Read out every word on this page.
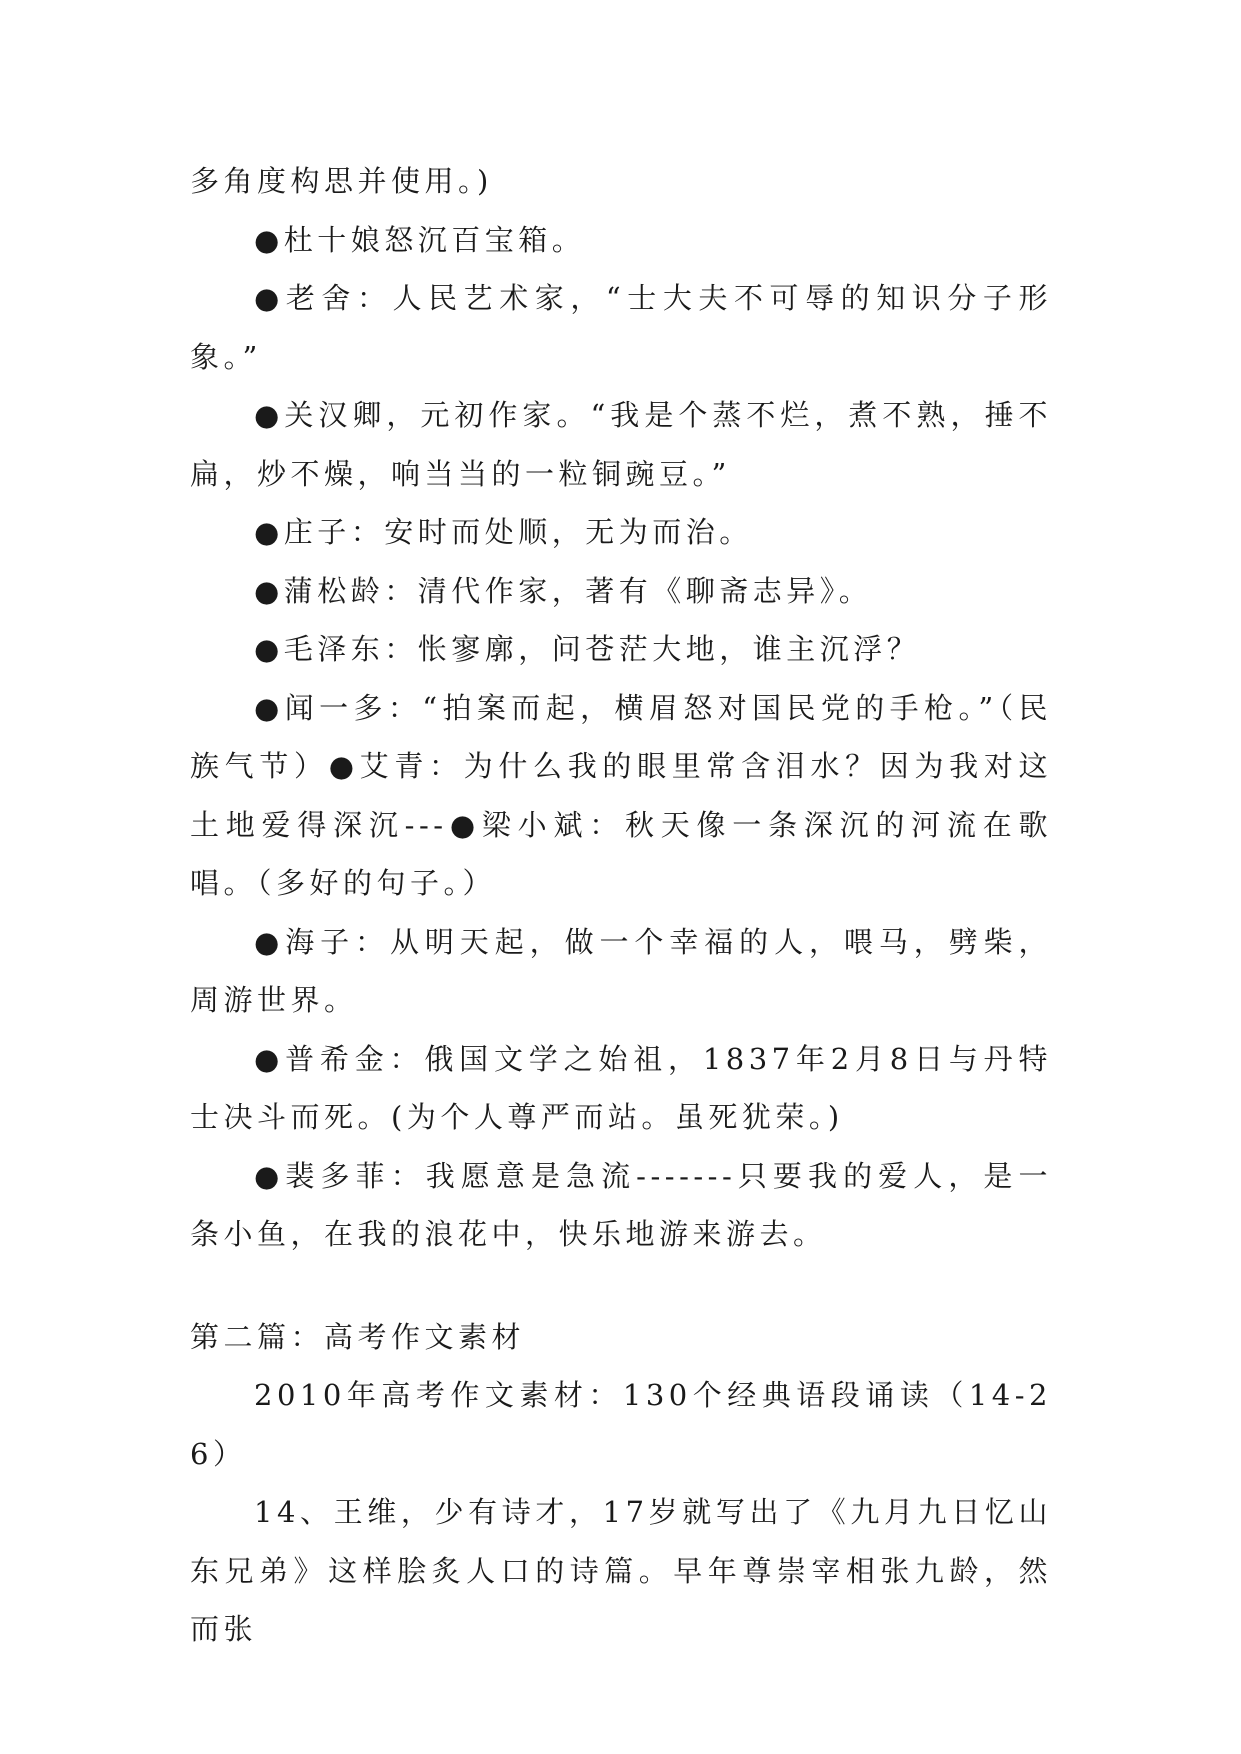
多角度构思并使用。)

●杜十娘怒沉百宝箱。

●老舍：人民艺术家，“士大夫不可辱的知识分子形象。”

●关汉卿，元初作家。“我是个蒸不烂，煮不熟，捶不扁，炒不燥，响当当的一粒铜豌豆。”

●庄子：安时而处顺，无为而治。

●蒲松龄：清代作家，著有《聊斋志异》。

●毛泽东：怅寥廓，问苍茫大地，谁主沉浮？

●闻一多：“拍案而起，横眉怒对国民党的手枪。”（民族气节）●艾青：为什么我的眼里常含泪水？因为我对这土地爱得深沉---●梁小斌：秋天像一条深沉的河流在歌唱。（多好的句子。）

●海子：从明天起，做一个幸福的人，喂马，劈柴，周游世界。

●普希金：俄国文学之始祖，1837年2月8日与丹特士决斗而死。(为个人尊严而站。虽死犹荣。)

●裴多菲：我愿意是急流-------只要我的爱人，是一条小鱼，在我的浪花中，快乐地游来游去。

第二篇：高考作文素材

2010年高考作文素材：130个经典语段诵读（14-26）

14、王维，少有诗才，17岁就写出了《九月九日忆山东兄弟》这样脍炙人口的诗篇。早年尊崇宰相张九龄，然而张
